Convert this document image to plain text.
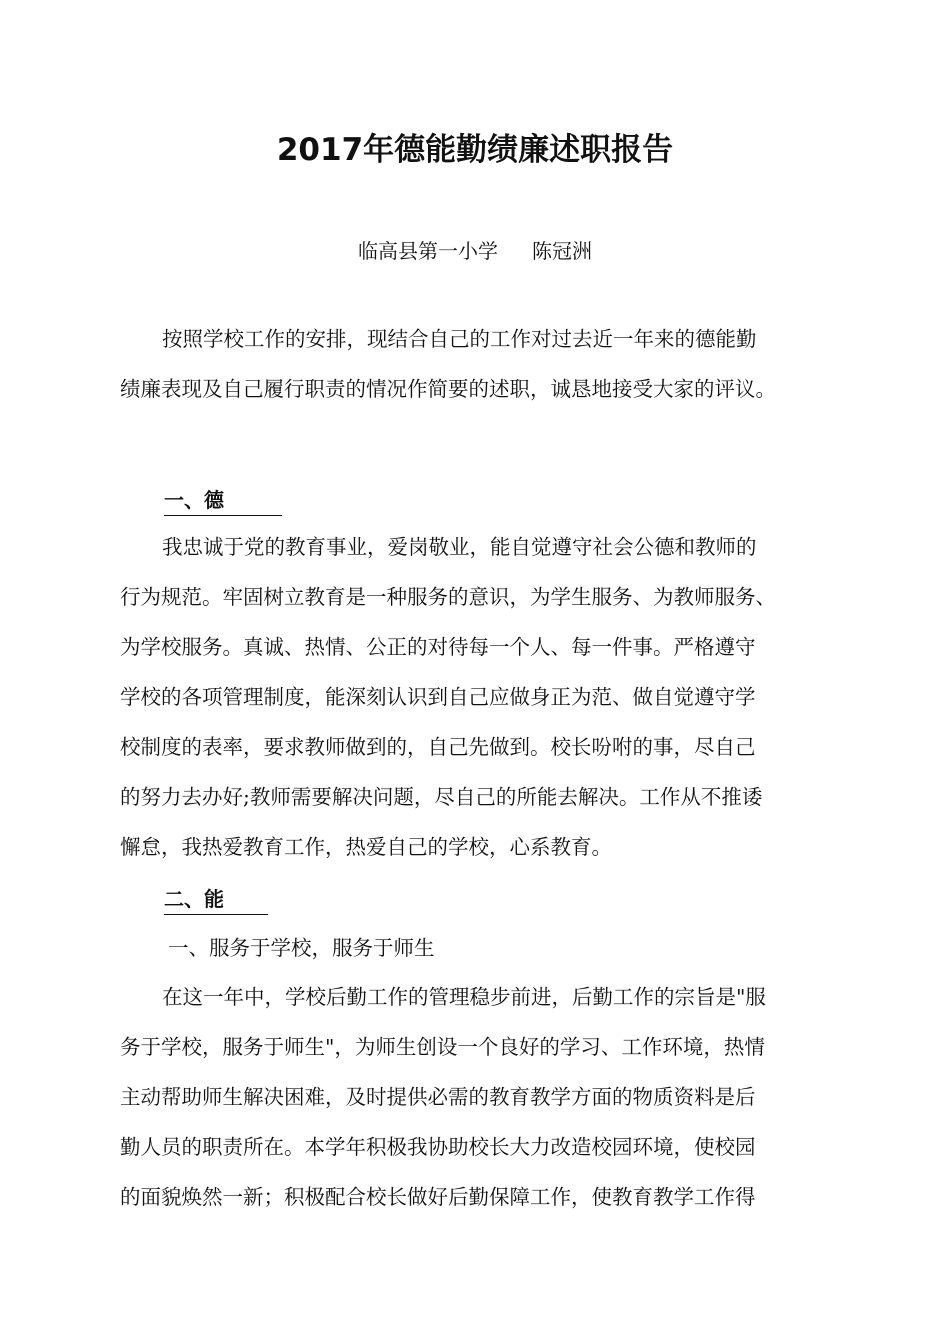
2017年德能勤绩廉述职报告
临高县第一小学 陈冠洲
按照学校工作的安排，现结合自己的工作对过去近一年来的德能勤
绩廉表现及自己履行职责的情况作简要的述职，诚恳地接受大家的评议。
一、德
我忠诚于党的教育事业，爱岗敬业，能自觉遵守社会公德和教师的
行为规范。牢固树立教育是一种服务的意识，为学生服务、为教师服务、
为学校服务。真诚、热情、公正的对待每一个人、每一件事。严格遵守
学校的各项管理制度，能深刻认识到自己应做身正为范、做自觉遵守学
校制度的表率，要求教师做到的，自己先做到。校长吩咐的事，尽自己
的努力去办好;教师需要解决问题，尽自己的所能去解决。工作从不推诿
懈怠，我热爱教育工作，热爱自己的学校，心系教育。
二、能
一、服务于学校，服务于师生
在这一年中，学校后勤工作的管理稳步前进，后勤工作的宗旨是"服
务于学校，服务于师生"，为师生创设一个良好的学习、工作环境，热情
主动帮助师生解决困难，及时提供必需的教育教学方面的物质资料是后
勤人员的职责所在。本学年积极我协助校长大力改造校园环境，使校园
的面貌焕然一新；积极配合校长做好后勤保障工作，使教育教学工作得
